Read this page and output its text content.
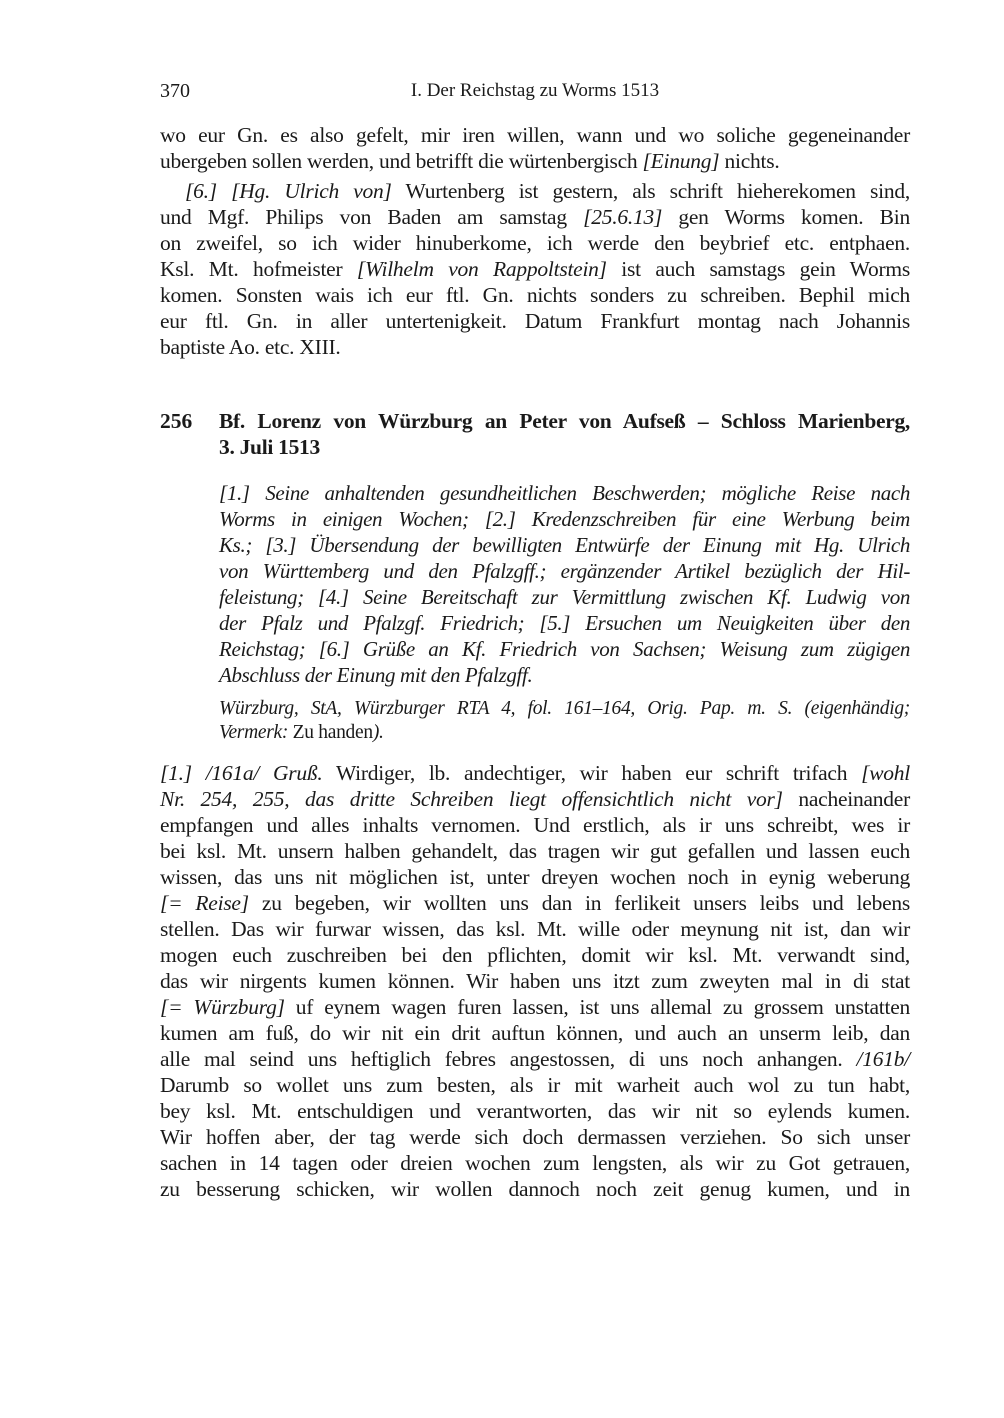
370	I. Der Reichstag zu Worms 1513
wo eur Gn. es also gefelt, mir iren willen, wann und wo soliche gegeneinander
ubergeben sollen werden, und betrifft die würtenbergisch [Einung] nichts.
[6.] [Hg. Ulrich von] Wurtenberg ist gestern, als schrift hieherekomen sind,
und Mgf. Philips von Baden am samstag [25.6.13] gen Worms komen. Bin
on zweifel, so ich wider hinuberkome, ich werde den beybrief etc. entphaen.
Ksl. Mt. hofmeister [Wilhelm von Rappoltstein] ist auch samstags gein Worms
komen. Sonsten wais ich eur ftl. Gn. nichts sonders zu schreiben. Bephil mich
eur ftl. Gn. in aller untertenigkeit. Datum Frankfurt montag nach Johannis
baptiste Ao. etc. XIII.
256 Bf. Lorenz von Würzburg an Peter von Aufseß – Schloss Marienberg,
3. Juli 1513
[1.] Seine anhaltenden gesundheitlichen Beschwerden; mögliche Reise nach
Worms in einigen Wochen; [2.] Kredenzschreiben für eine Werbung beim
Ks.; [3.] Übersendung der bewilligten Entwürfe der Einung mit Hg. Ulrich
von Württemberg und den Pfalzgff.; ergänzender Artikel bezüglich der Hil-
feleistung; [4.] Seine Bereitschaft zur Vermittlung zwischen Kf. Ludwig von
der Pfalz und Pfalzgf. Friedrich; [5.] Ersuchen um Neuigkeiten über den
Reichstag; [6.] Grüße an Kf. Friedrich von Sachsen; Weisung zum zügigen
Abschluss der Einung mit den Pfalzgff.
Würzburg, StA, Würzburger RTA 4, fol. 161–164, Orig. Pap. m. S. (eigenhändig;
Vermerk: Zu handen).
[1.] /161a/ Gruß. Wirdiger, lb. andechtiger, wir haben eur schrift trifach [wohl
Nr. 254, 255, das dritte Schreiben liegt offensichtlich nicht vor] nacheinander
empfangen und alles inhalts vernomen. Und erstlich, als ir uns schreibt, wes ir
bei ksl. Mt. unsern halben gehandelt, das tragen wir gut gefallen und lassen euch
wissen, das uns nit möglichen ist, unter dreyen wochen noch in eynig weberung
[= Reise] zu begeben, wir wollten uns dan in ferlikeit unsers leibs und lebens
stellen. Das wir furwar wissen, das ksl. Mt. wille oder meynung nit ist, dan wir
mogen euch zuschreiben bei den pflichten, domit wir ksl. Mt. verwandt sind,
das wir nirgents kumen können. Wir haben uns itzt zum zweyten mal in di stat
[= Würzburg] uf eynem wagen furen lassen, ist uns allemal zu grossem unstatten
kumen am fuß, do wir nit ein drit auftun können, und auch an unserm leib, dan
alle mal seind uns heftiglich febres angestossen, di uns noch anhangen. /161b/
Darumb so wollet uns zum besten, als ir mit warheit auch wol zu tun habt,
bey ksl. Mt. entschuldigen und verantworten, das wir nit so eylends kumen.
Wir hoffen aber, der tag werde sich doch dermassen verziehen. So sich unser
sachen in 14 tagen oder dreien wochen zum lengsten, als wir zu Got getrauen,
zu besserung schicken, wir wollen dannoch noch zeit genug kumen, und in
